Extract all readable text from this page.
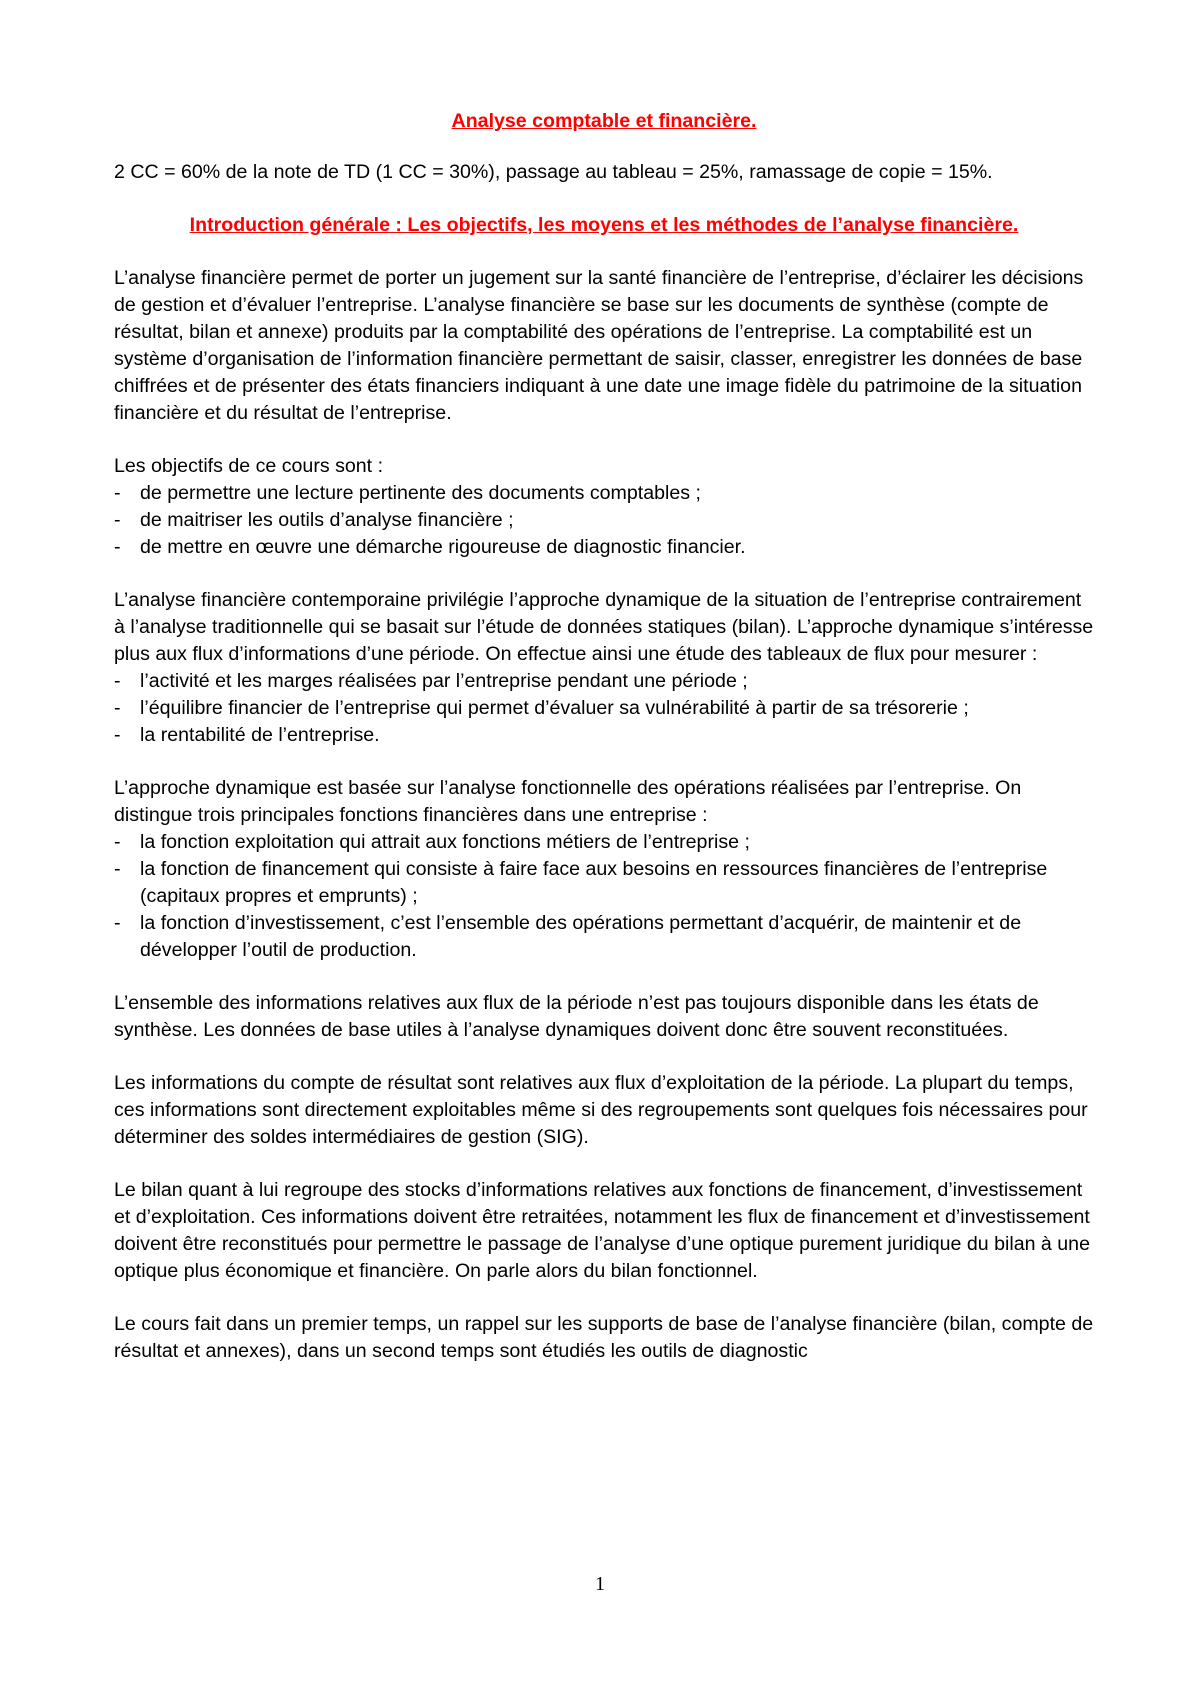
Analyse comptable et financière.

2 CC = 60% de la note de TD (1 CC = 30%), passage au tableau = 25%, ramassage de copie = 15%.

Introduction générale : Les objectifs, les moyens et les méthodes de l’analyse financière.

L’analyse financière permet de porter un jugement sur la santé financière de l’entreprise, d’éclairer les décisions de gestion et d’évaluer l’entreprise. L’analyse financière se base sur les documents de synthèse (compte de résultat, bilan et annexe) produits par la comptabilité des opérations de l’entreprise. La comptabilité est un système d’organisation de l’information financière permettant de saisir, classer, enregistrer les données de base chiffrées et de présenter des états financiers indiquant à une date une image fidèle du patrimoine de la situation financière et du résultat de l’entreprise.

Les objectifs de ce cours sont :

- de permettre une lecture pertinente des documents comptables ;
- de maitriser les outils d’analyse financière ;
- de mettre en œuvre une démarche rigoureuse de diagnostic financier.

L’analyse financière contemporaine privilégie l’approche dynamique de la situation de l’entreprise contrairement à l’analyse traditionnelle qui se basait sur l’étude de données statiques (bilan). L’approche dynamique s’intéresse plus aux flux d’informations d’une période. On effectue ainsi une étude des tableaux de flux pour mesurer :

- l’activité et les marges réalisées par l’entreprise pendant une période ;
- l’équilibre financier de l’entreprise qui permet d’évaluer sa vulnérabilité à partir de sa trésorerie ;
- la rentabilité de l’entreprise.

L’approche dynamique est basée sur l’analyse fonctionnelle des opérations réalisées par l’entreprise. On distingue trois principales fonctions financières dans une entreprise :

- la fonction exploitation qui attrait aux fonctions métiers de l’entreprise ;
- la fonction de financement qui consiste à faire face aux besoins en ressources financières de l’entreprise (capitaux propres et emprunts) ;
- la fonction d’investissement, c’est l’ensemble des opérations permettant d’acquérir, de maintenir et de développer l’outil de production.

L’ensemble des informations relatives aux flux de la période n’est pas toujours disponible dans les états de synthèse. Les données de base utiles à l’analyse dynamiques doivent donc être souvent reconstituées.

Les informations du compte de résultat sont relatives aux flux d’exploitation de la période. La plupart du temps, ces informations sont directement exploitables même si des regroupements sont quelques fois nécessaires pour déterminer des soldes intermédiaires de gestion (SIG).

Le bilan quant à lui regroupe des stocks d’informations relatives aux fonctions de financement, d’investissement et d’exploitation. Ces informations doivent être retraitées, notamment les flux de financement et d’investissement doivent être reconstitués pour permettre le passage de l’analyse d’une optique purement juridique du bilan à une optique plus économique et financière. On parle alors du bilan fonctionnel.

Le cours fait dans un premier temps, un rappel sur les supports de base de l’analyse financière (bilan, compte de résultat et annexes), dans un second temps sont étudiés les outils de diagnostic

1
